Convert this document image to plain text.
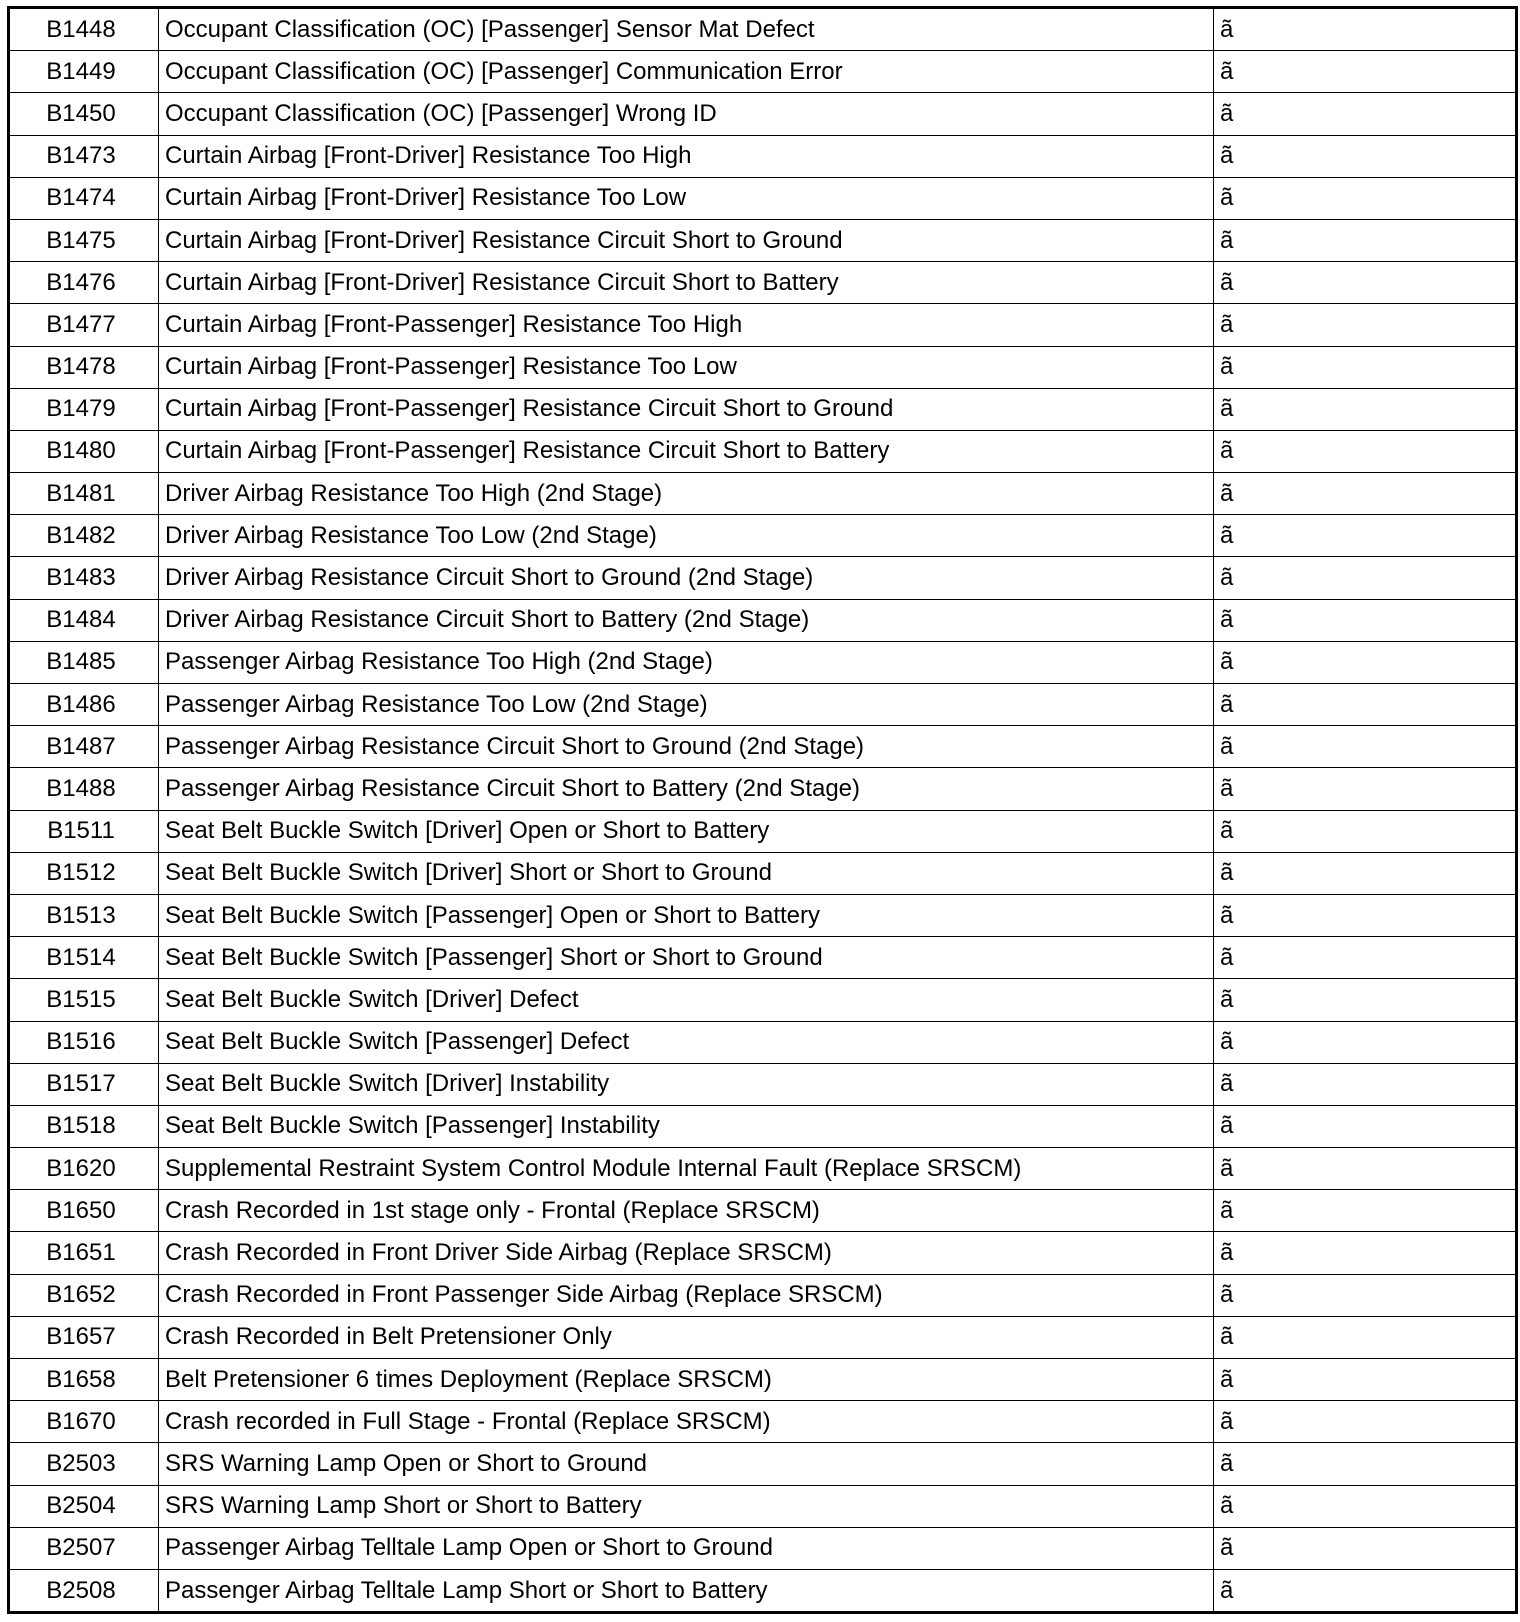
B1448	Occupant Classification (OC) [Passenger] Sensor Mat Defect	ã
B1449	Occupant Classification (OC) [Passenger] Communication Error	ã
B1450	Occupant Classification (OC) [Passenger] Wrong ID	ã
B1473	Curtain Airbag [Front-Driver] Resistance Too High	ã
B1474	Curtain Airbag [Front-Driver] Resistance Too Low	ã
B1475	Curtain Airbag [Front-Driver] Resistance Circuit Short to Ground	ã
B1476	Curtain Airbag [Front-Driver] Resistance Circuit Short to Battery	ã
B1477	Curtain Airbag [Front-Passenger] Resistance Too High	ã
B1478	Curtain Airbag [Front-Passenger] Resistance Too Low	ã
B1479	Curtain Airbag [Front-Passenger] Resistance Circuit Short to Ground	ã
B1480	Curtain Airbag [Front-Passenger] Resistance Circuit Short to Battery	ã
B1481	Driver Airbag Resistance Too High (2nd Stage)	ã
B1482	Driver Airbag Resistance Too Low (2nd Stage)	ã
B1483	Driver Airbag Resistance Circuit Short to Ground (2nd Stage)	ã
B1484	Driver Airbag Resistance Circuit Short to Battery (2nd Stage)	ã
B1485	Passenger Airbag Resistance Too High (2nd Stage)	ã
B1486	Passenger Airbag Resistance Too Low (2nd Stage)	ã
B1487	Passenger Airbag Resistance Circuit Short to Ground (2nd Stage)	ã
B1488	Passenger Airbag Resistance Circuit Short to Battery (2nd Stage)	ã
B1511	Seat Belt Buckle Switch [Driver] Open or Short to Battery	ã
B1512	Seat Belt Buckle Switch [Driver] Short or Short to Ground	ã
B1513	Seat Belt Buckle Switch [Passenger] Open or Short to Battery	ã
B1514	Seat Belt Buckle Switch [Passenger] Short or Short to Ground	ã
B1515	Seat Belt Buckle Switch [Driver] Defect	ã
B1516	Seat Belt Buckle Switch [Passenger] Defect	ã
B1517	Seat Belt Buckle Switch [Driver] Instability	ã
B1518	Seat Belt Buckle Switch [Passenger] Instability	ã
B1620	Supplemental Restraint System Control Module Internal Fault (Replace SRSCM)	ã
B1650	Crash Recorded in 1st stage only - Frontal (Replace SRSCM)	ã
B1651	Crash Recorded in Front Driver Side Airbag (Replace SRSCM)	ã
B1652	Crash Recorded in Front Passenger Side Airbag (Replace SRSCM)	ã
B1657	Crash Recorded in Belt Pretensioner Only	ã
B1658	Belt Pretensioner 6 times Deployment (Replace SRSCM)	ã
B1670	Crash recorded in Full Stage - Frontal (Replace SRSCM)	ã
B2503	SRS Warning Lamp Open or Short to Ground	ã
B2504	SRS Warning Lamp Short or Short to Battery	ã
B2507	Passenger Airbag Telltale Lamp Open or Short to Ground	ã
B2508	Passenger Airbag Telltale Lamp Short or Short to Battery	ã
